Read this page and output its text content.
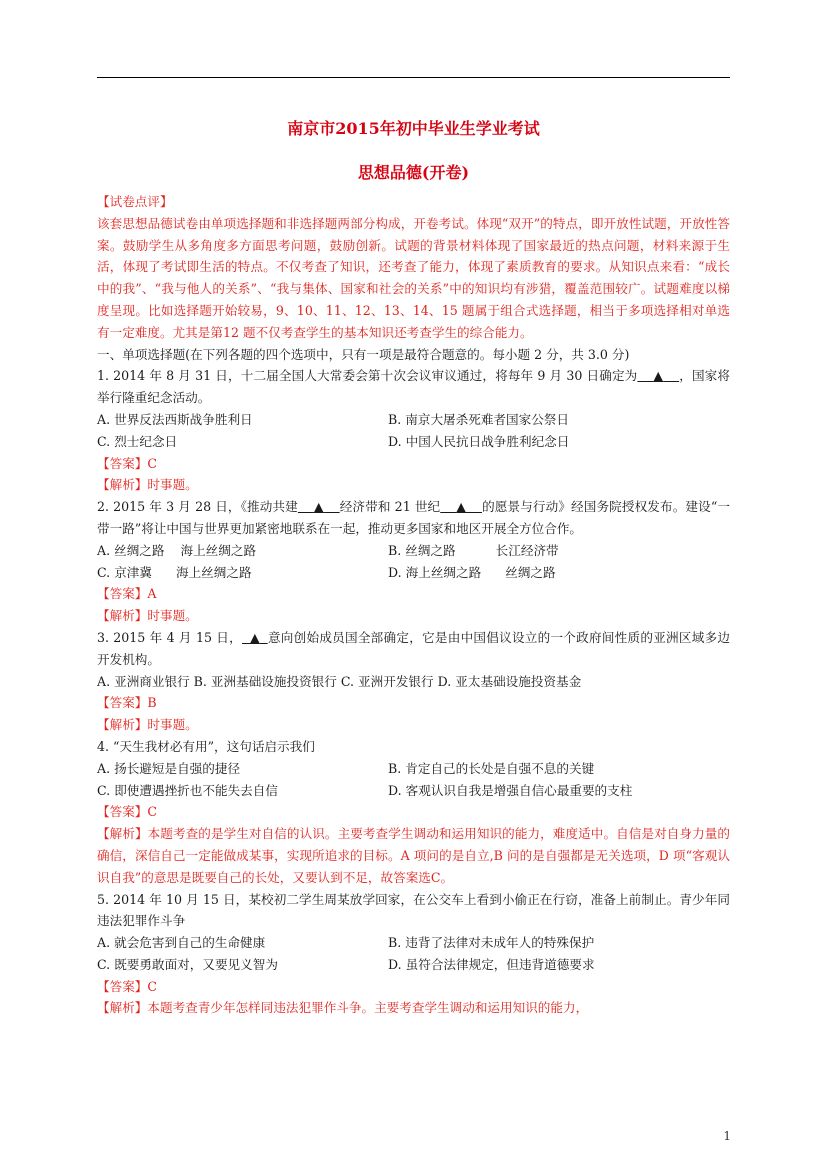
南京市2015年初中毕业生学业考试
思想品德(开卷)

【试卷点评】

该套思想品德试卷由单项选择题和非选择题两部分构成，开卷考试。体现“双开”的特点，即开放性试题，开放性答案。鼓励学生从多角度多方面思考问题，鼓励创新。试题的背景材料体现了国家最近的热点问题，材料来源于生活，体现了考试即生活的特点。不仅考查了知识，还考查了能力，体现了素质教育的要求。从知识点来看：“成长中的我”、“我与他人的关系”、“我与集体、国家和社会的关系”中的知识均有涉猎，覆盖范围较广。试题难度以梯度呈现。比如选择题开始较易，9、10、11、12、13、14、15 题属于组合式选择题，相当于多项选择相对单选有一定难度。尤其是第12 题不仅考查学生的基本知识还考查学生的综合能力。

一、单项选择题(在下列各题的四个选项中，只有一项是最符合题意的。每小题 2 分，共 3.0 分)

1. 2014 年 8 月 31 日，十二届全国人大常委会第十次会议审议通过，将每年 9 月 30 日确定为 ▲ ，国家将举行隆重纪念活动。

A. 世界反法西斯战争胜利日	B. 南京大屠杀死难者国家公祭日
C. 烈士纪念日	D. 中国人民抗日战争胜利纪念日

【答案】C

【解析】时事题。

2. 2015 年 3 月 28 日，《推动共建 ▲ 经济带和 21 世纪 ▲ 的愿景与行动》经国务院授权发布。建设“一带一路”将让中国与世界更加紧密地联系在一起，推动更多国家和地区开展全方位合作。

A. 丝绸之路    海上丝绸之路	B. 丝绸之路          长江经济带
C. 京津冀      海上丝绸之路	D. 海上丝绸之路      丝绸之路

【答案】A

【解析】时事题。

3. 2015 年 4 月 15 日， ▲ 意向创始成员国全部确定，它是由中国倡议设立的一个政府间性质的亚洲区域多边开发机构。

A. 亚洲商业银行 B. 亚洲基础设施投资银行 C. 亚洲开发银行 D. 亚太基础设施投资基金

【答案】B

【解析】时事题。

4. “天生我材必有用”，这句话启示我们

A. 扬长避短是自强的捷径	B. 肯定自己的长处是自强不息的关键
C. 即使遭遇挫折也不能失去自信	D. 客观认识自我是增强自信心最重要的支柱

【答案】C

【解析】本题考查的是学生对自信的认识。主要考查学生调动和运用知识的能力，难度适中。自信是对自身力量的确信，深信自己一定能做成某事，实现所追求的目标。A 项问的是自立,B 问的是自强都是无关选项，D 项“客观认识自我”的意思是既要自己的长处，又要认到不足，故答案选C。

5. 2014 年 10 月 15 日，某校初二学生周某放学回家，在公交车上看到小偷正在行窃，准备上前制止。青少年同违法犯罪作斗争

A. 就会危害到自己的生命健康	B. 违背了法律对未成年人的特殊保护
C. 既要勇敢面对，又要见义智为	D. 虽符合法律规定，但违背道德要求

【答案】C

【解析】本题考查青少年怎样同违法犯罪作斗争。主要考查学生调动和运用知识的能力，

1
